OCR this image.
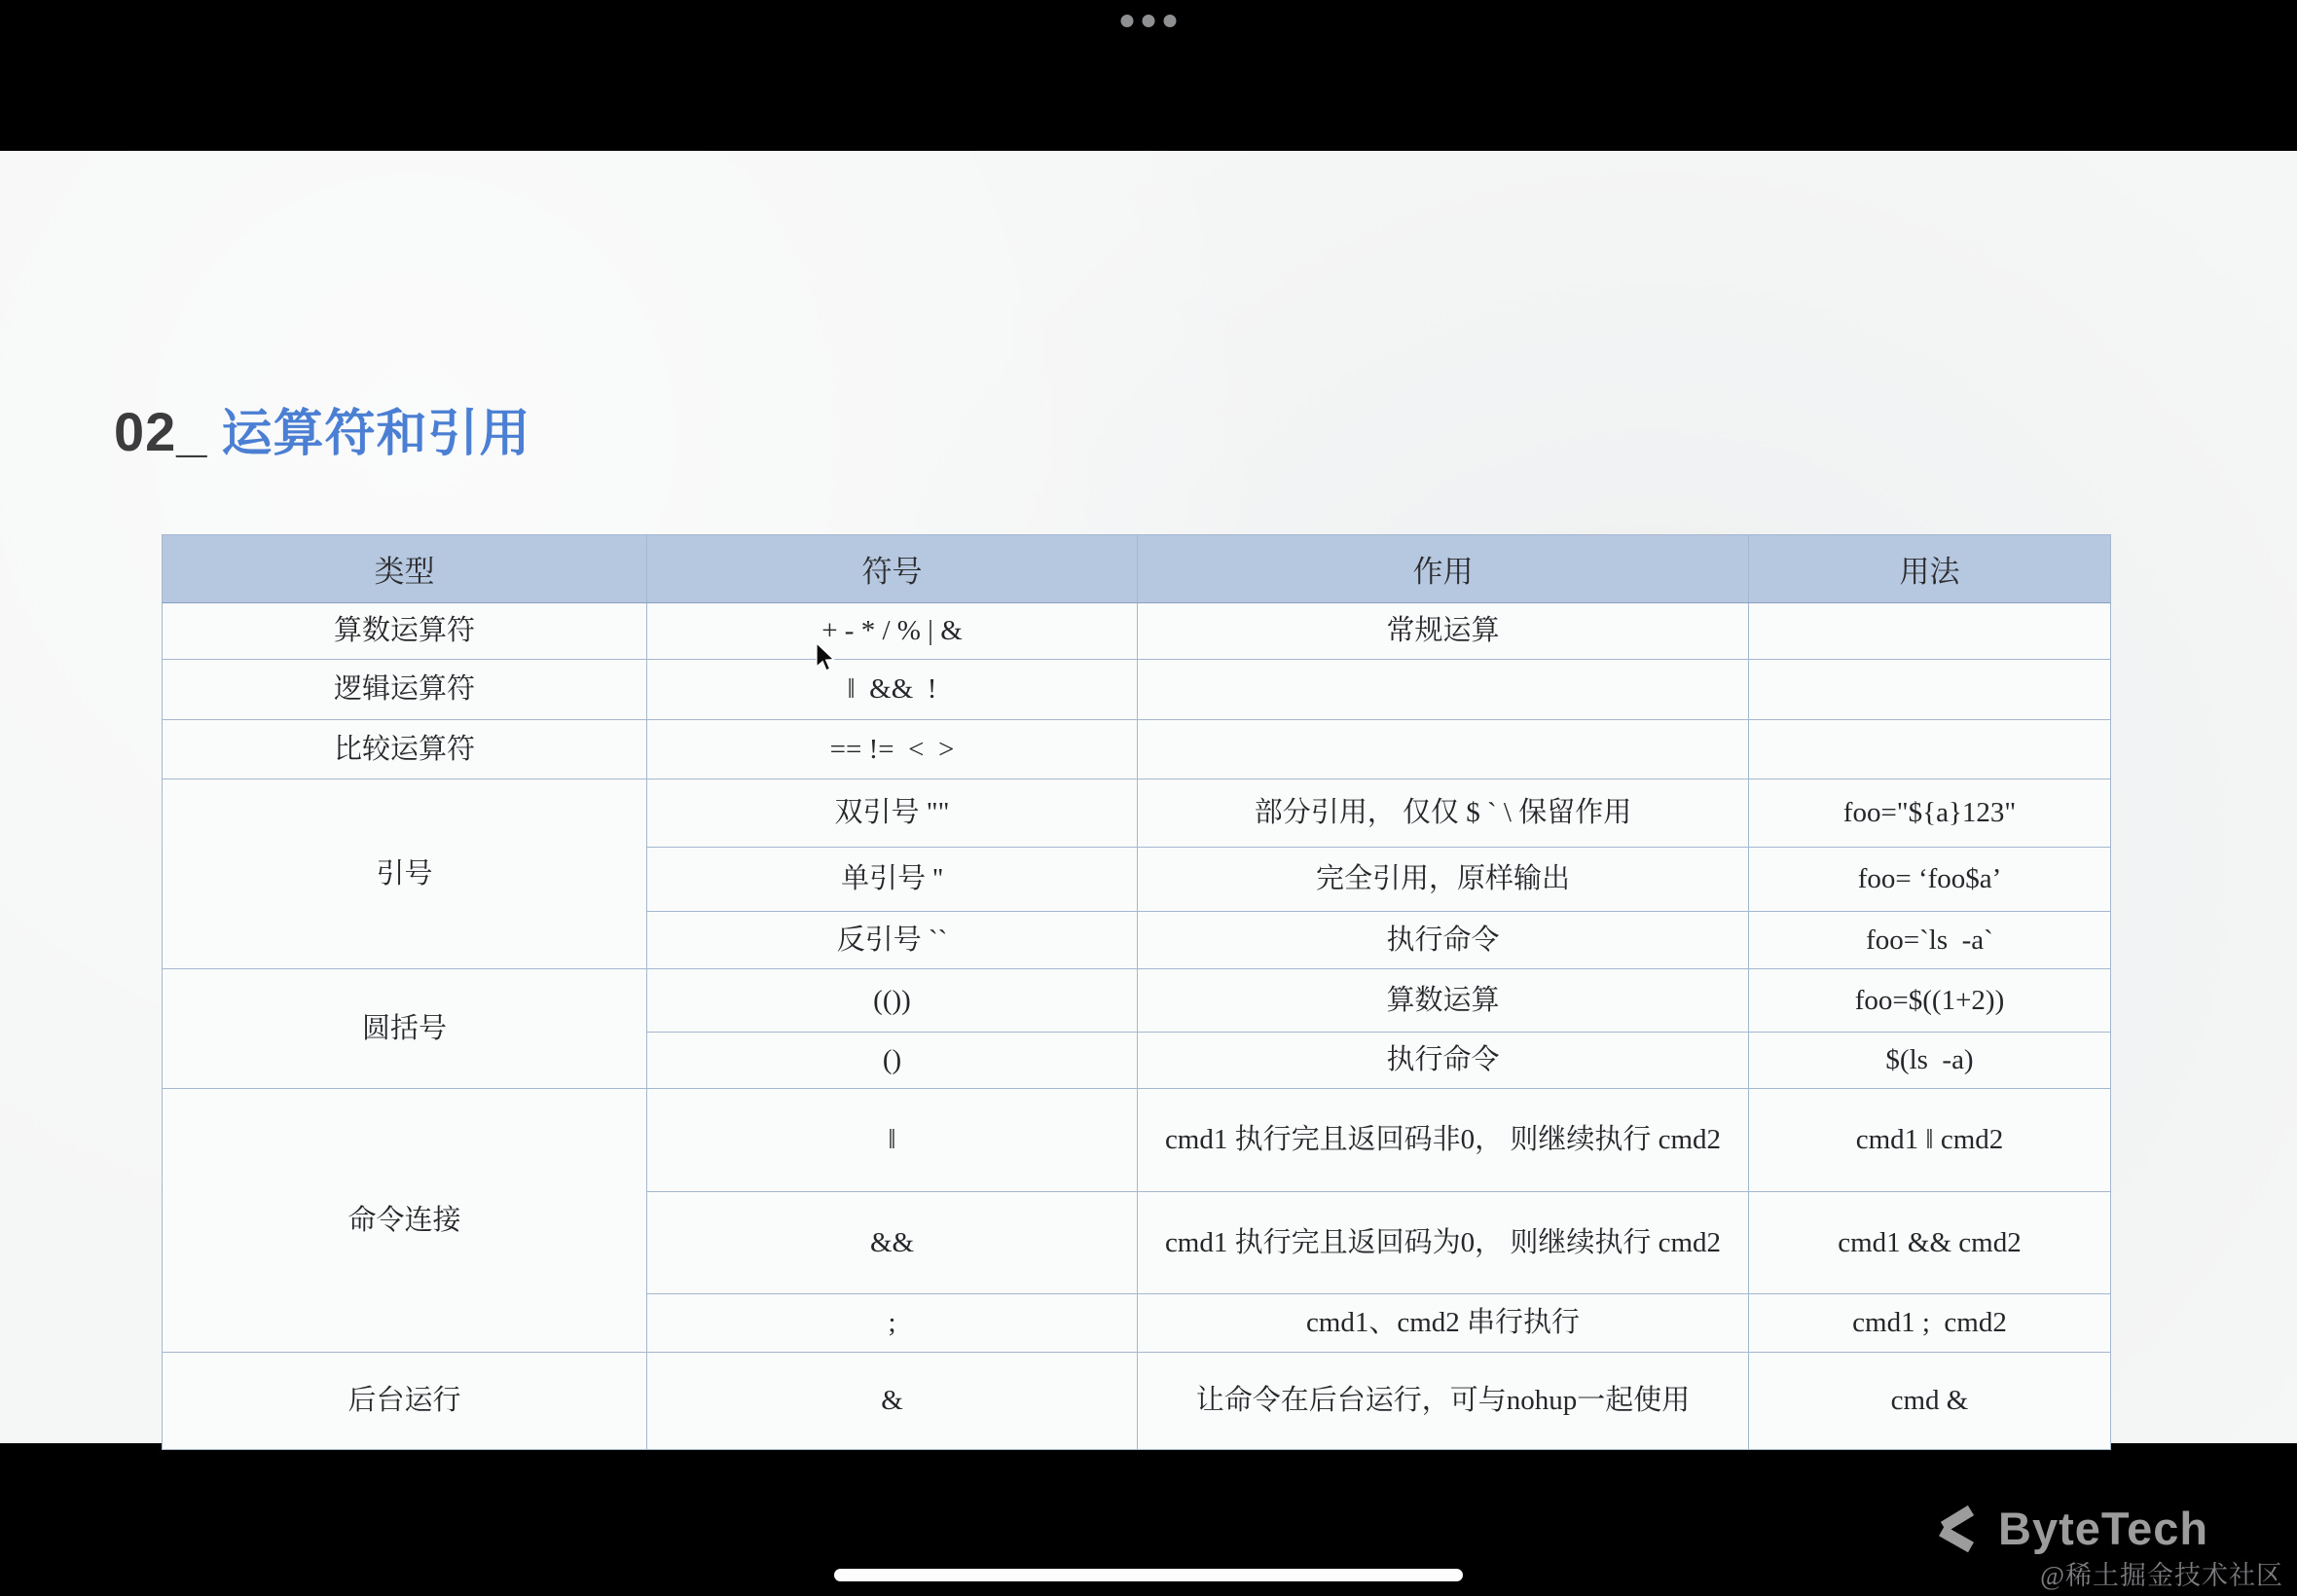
02_ 运算符和引用
类型	符号	作用	用法
算数运算符	+ - * / % | &	常规运算	
逻辑运算符	‖  &&  !		
比较运算符	== !=  <  >		
引号	双引号 ""	部分引用， 仅仅 $ ` \ 保留作用	foo="${a}123"
	单引号 ''	完全引用，原样输出	foo= ‘foo$a’
	反引号 ``	执行命令	foo=`ls  -a`
圆括号	(())	算数运算	foo=$((1+2))
	()	执行命令	$(ls  -a)
命令连接	‖	cmd1 执行完且返回码非0， 则继续执行 cmd2	cmd1 ‖ cmd2
	&&	cmd1 执行完且返回码为0， 则继续执行 cmd2	cmd1 && cmd2
	;	cmd1、cmd2 串行执行	cmd1 ;  cmd2
后台运行	&	让命令在后台运行，可与nohup一起使用	cmd &
ByteTech
@稀土掘金技术社区
